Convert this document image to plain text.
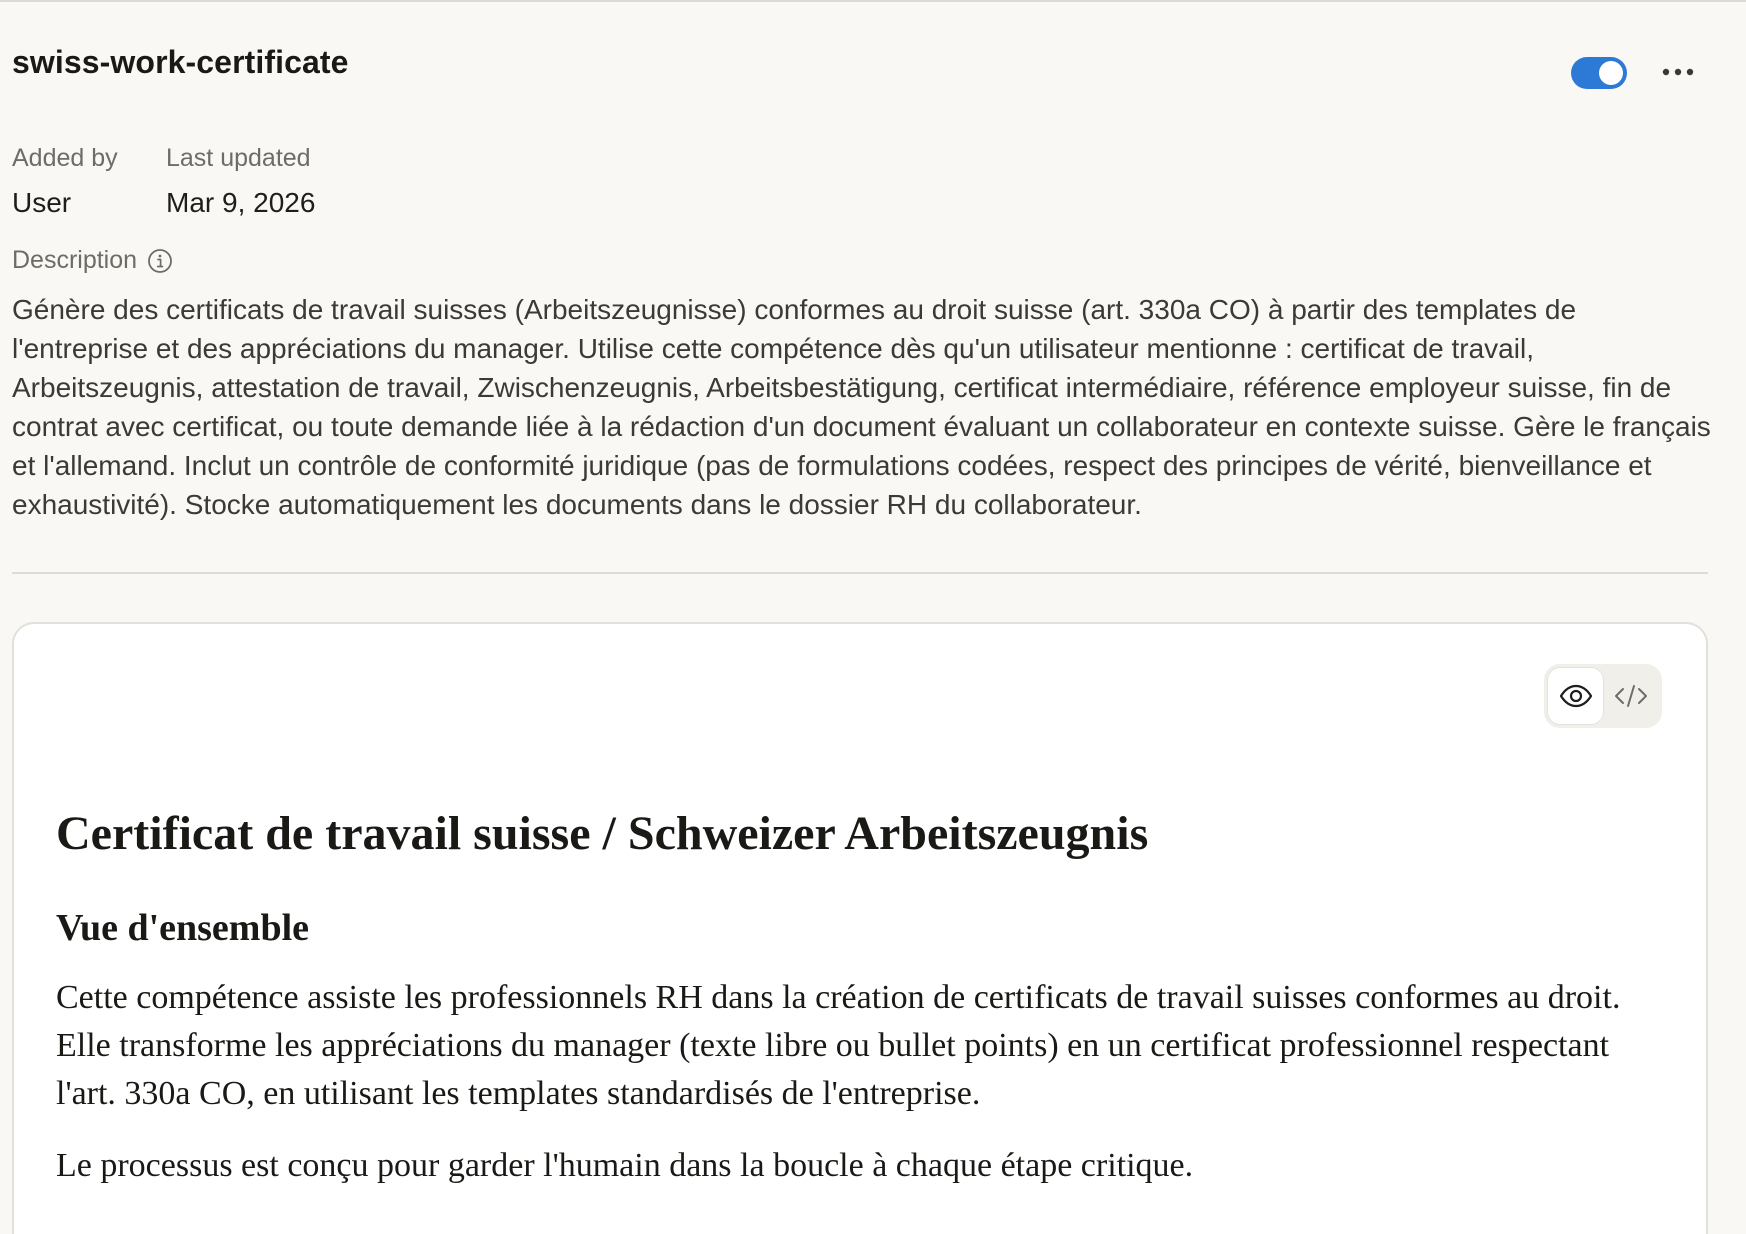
swiss-work-certificate
Added by
User
Last updated
Mar 9, 2026
Description

Génère des certificats de travail suisses (Arbeitszeugnisse) conformes au droit suisse (art. 330a CO) à partir des templates de l'entreprise et des appréciations du manager. Utilise cette compétence dès qu'un utilisateur mentionne : certificat de travail, Arbeitszeugnis, attestation de travail, Zwischenzeugnis, Arbeitsbestätigung, certificat intermédiaire, référence employeur suisse, fin de contrat avec certificat, ou toute demande liée à la rédaction d'un document évaluant un collaborateur en contexte suisse. Gère le français et l'allemand. Inclut un contrôle de conformité juridique (pas de formulations codées, respect des principes de vérité, bienveillance et exhaustivité). Stocke automatiquement les documents dans le dossier RH du collaborateur.

Certificat de travail suisse / Schweizer Arbeitszeugnis
Vue d'ensemble

Cette compétence assiste les professionnels RH dans la création de certificats de travail suisses conformes au droit. Elle transforme les appréciations du manager (texte libre ou bullet points) en un certificat professionnel respectant l'art. 330a CO, en utilisant les templates standardisés de l'entreprise.

Le processus est conçu pour garder l'humain dans la boucle à chaque étape critique.
